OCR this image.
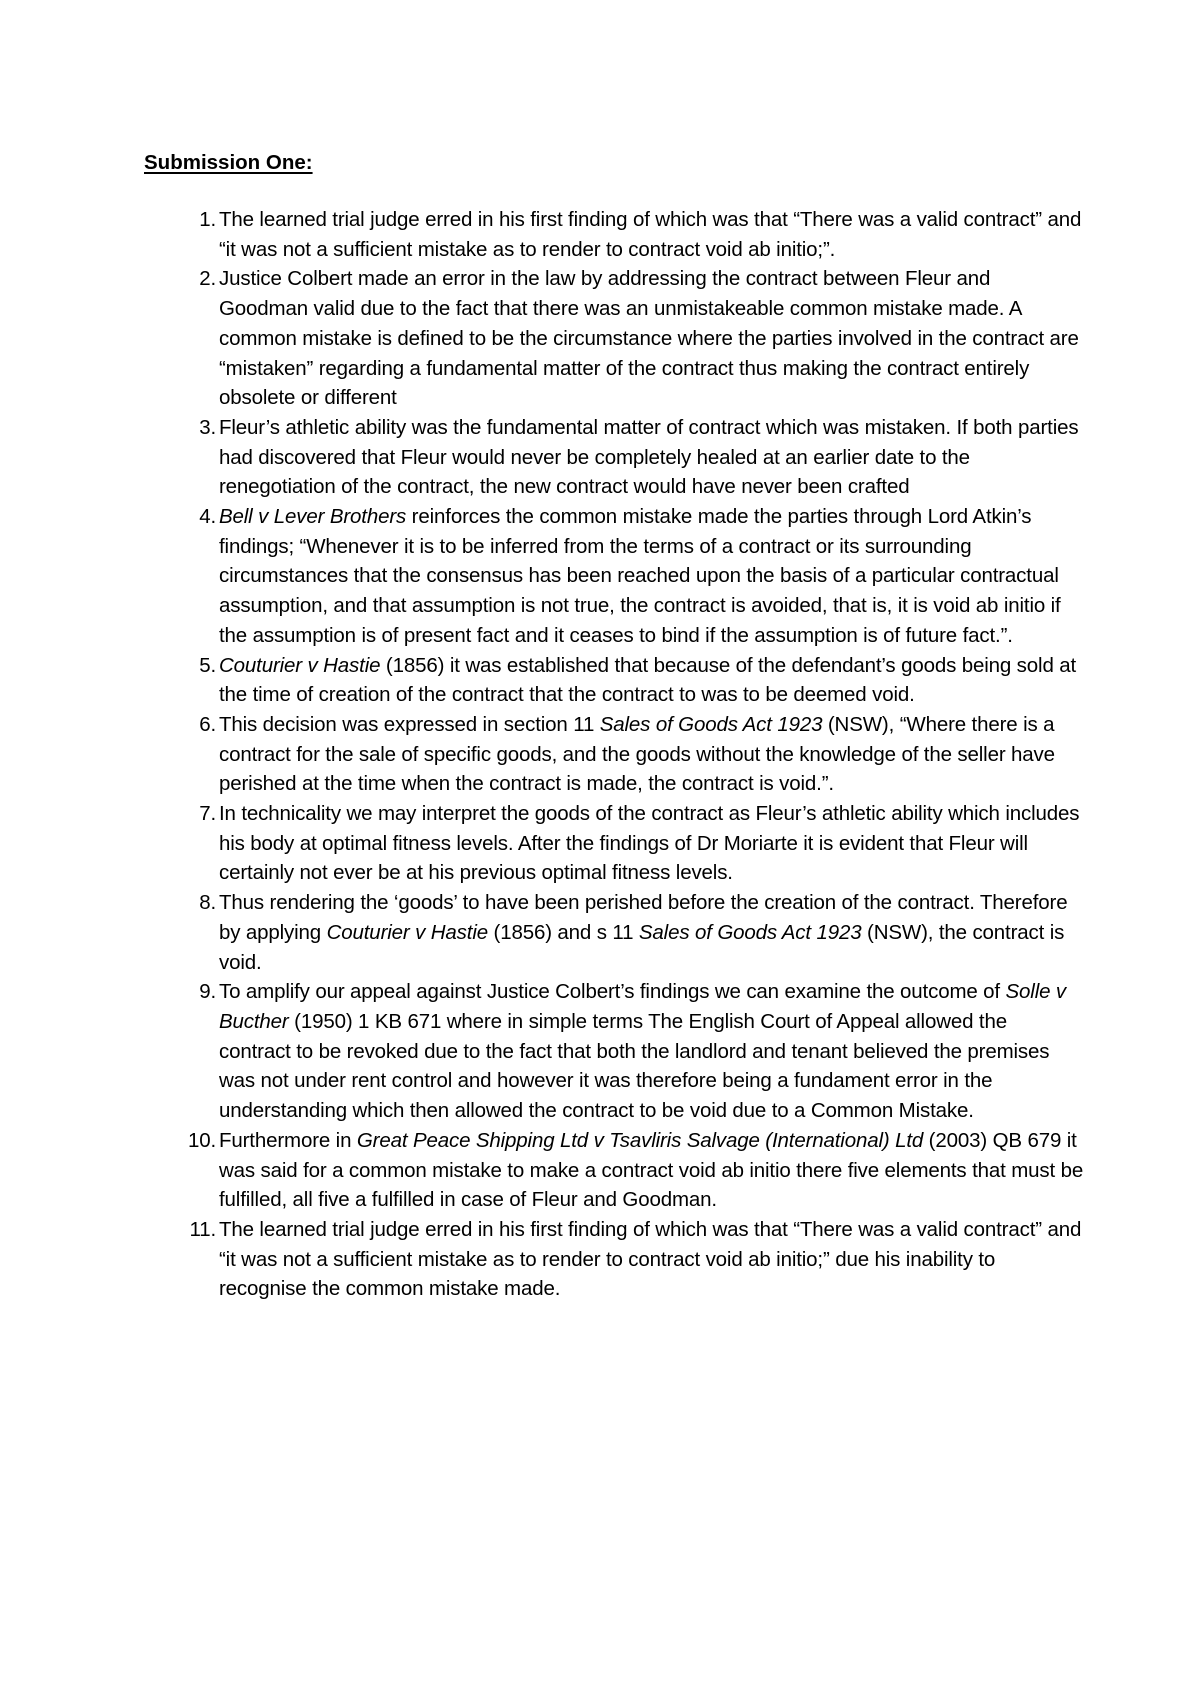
Submission One:
1. The learned trial judge erred in his first finding of which was that “There was a valid contract” and “it was not a sufficient mistake as to render to contract void ab initio;”.
2. Justice Colbert made an error in the law by addressing the contract between Fleur and Goodman valid due to the fact that there was an unmistakeable common mistake made. A common mistake is defined to be the circumstance where the parties involved in the contract are “mistaken” regarding a fundamental matter of the contract thus making the contract entirely obsolete or different
3. Fleur’s athletic ability was the fundamental matter of contract which was mistaken. If both parties had discovered that Fleur would never be completely healed at an earlier date to the renegotiation of the contract, the new contract would have never been crafted
4. Bell v Lever Brothers reinforces the common mistake made the parties through Lord Atkin’s findings; “Whenever it is to be inferred from the terms of a contract or its surrounding circumstances that the consensus has been reached upon the basis of a particular contractual assumption, and that assumption is not true, the contract is avoided, that is, it is void ab initio if the assumption is of present fact and it ceases to bind if the assumption is of future fact.”.
5. Couturier v Hastie (1856) it was established that because of the defendant’s goods being sold at the time of creation of the contract that the contract to was to be deemed void.
6. This decision was expressed in section 11 Sales of Goods Act 1923 (NSW), “Where there is a contract for the sale of specific goods, and the goods without the knowledge of the seller have perished at the time when the contract is made, the contract is void.”.
7. In technicality we may interpret the goods of the contract as Fleur’s athletic ability which includes his body at optimal fitness levels. After the findings of Dr Moriarte it is evident that Fleur will certainly not ever be at his previous optimal fitness levels.
8. Thus rendering the ‘goods’ to have been perished before the creation of the contract. Therefore by applying Couturier v Hastie (1856) and s 11 Sales of Goods Act 1923 (NSW), the contract is void.
9. To amplify our appeal against Justice Colbert’s findings we can examine the outcome of Solle v Bucther (1950) 1 KB 671 where in simple terms The English Court of Appeal allowed the contract to be revoked due to the fact that both the landlord and tenant believed the premises was not under rent control and however it was therefore being a fundament error in the understanding which then allowed the contract to be void due to a Common Mistake.
10. Furthermore in Great Peace Shipping Ltd v Tsavliris Salvage (International) Ltd (2003) QB 679 it was said for a common mistake to make a contract void ab initio there five elements that must be fulfilled, all five a fulfilled in case of Fleur and Goodman.
11. The learned trial judge erred in his first finding of which was that “There was a valid contract” and “it was not a sufficient mistake as to render to contract void ab initio;” due his inability to recognise the common mistake made.
